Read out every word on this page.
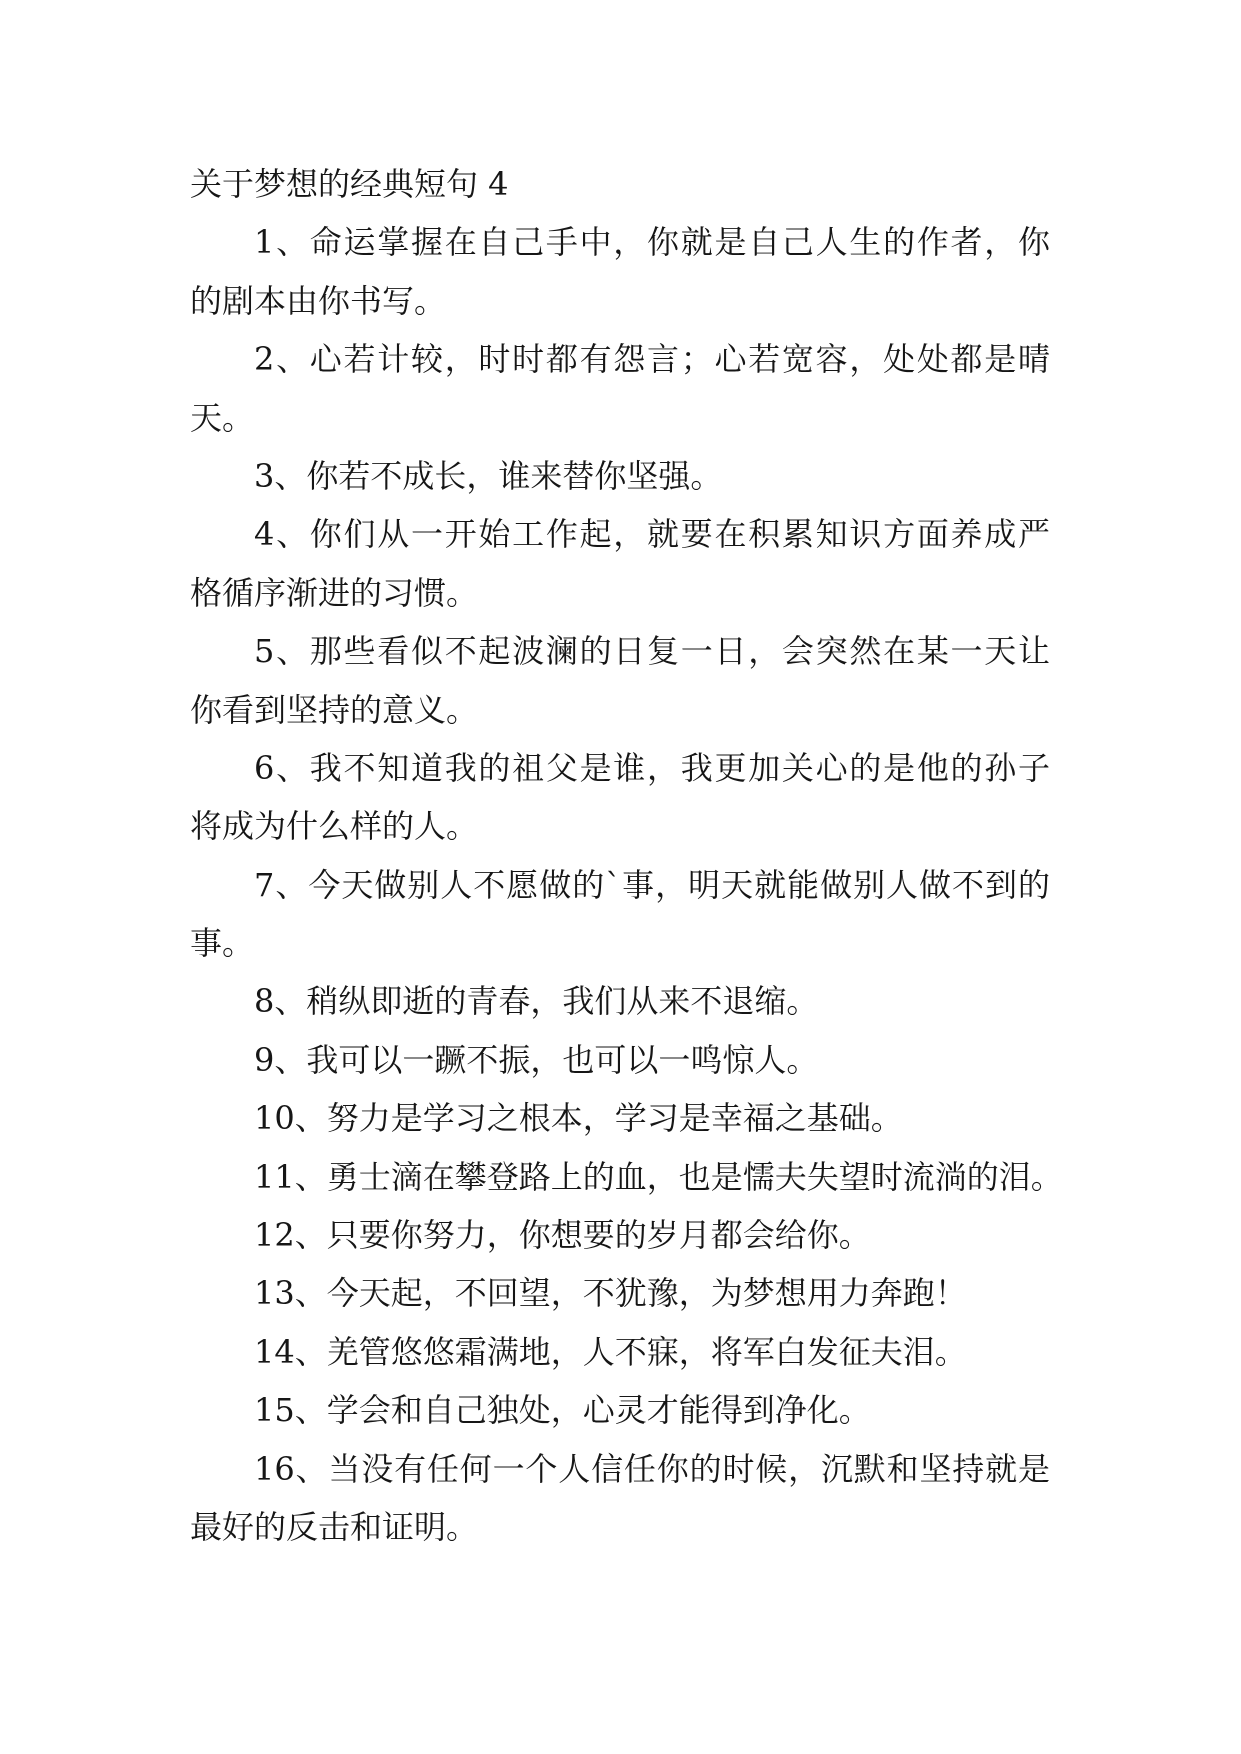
关于梦想的经典短句 4
1、命运掌握在自己手中，你就是自己人生的作者，你
的剧本由你书写。
2、心若计较，时时都有怨言；心若宽容，处处都是晴
天。
3、你若不成长，谁来替你坚强。
4、你们从一开始工作起，就要在积累知识方面养成严
格循序渐进的习惯。
5、那些看似不起波澜的日复一日，会突然在某一天让
你看到坚持的意义。
6、我不知道我的祖父是谁，我更加关心的是他的孙子
将成为什么样的人。
7、今天做别人不愿做的`事，明天就能做别人做不到的
事。
8、稍纵即逝的青春，我们从来不退缩。
9、我可以一蹶不振，也可以一鸣惊人。
10、努力是学习之根本，学习是幸福之基础。
11、勇士滴在攀登路上的血，也是懦夫失望时流淌的泪。
12、只要你努力，你想要的岁月都会给你。
13、今天起，不回望，不犹豫，为梦想用力奔跑！
14、羌管悠悠霜满地，人不寐，将军白发征夫泪。
15、学会和自己独处，心灵才能得到净化。
16、当没有任何一个人信任你的时候，沉默和坚持就是
最好的反击和证明。
